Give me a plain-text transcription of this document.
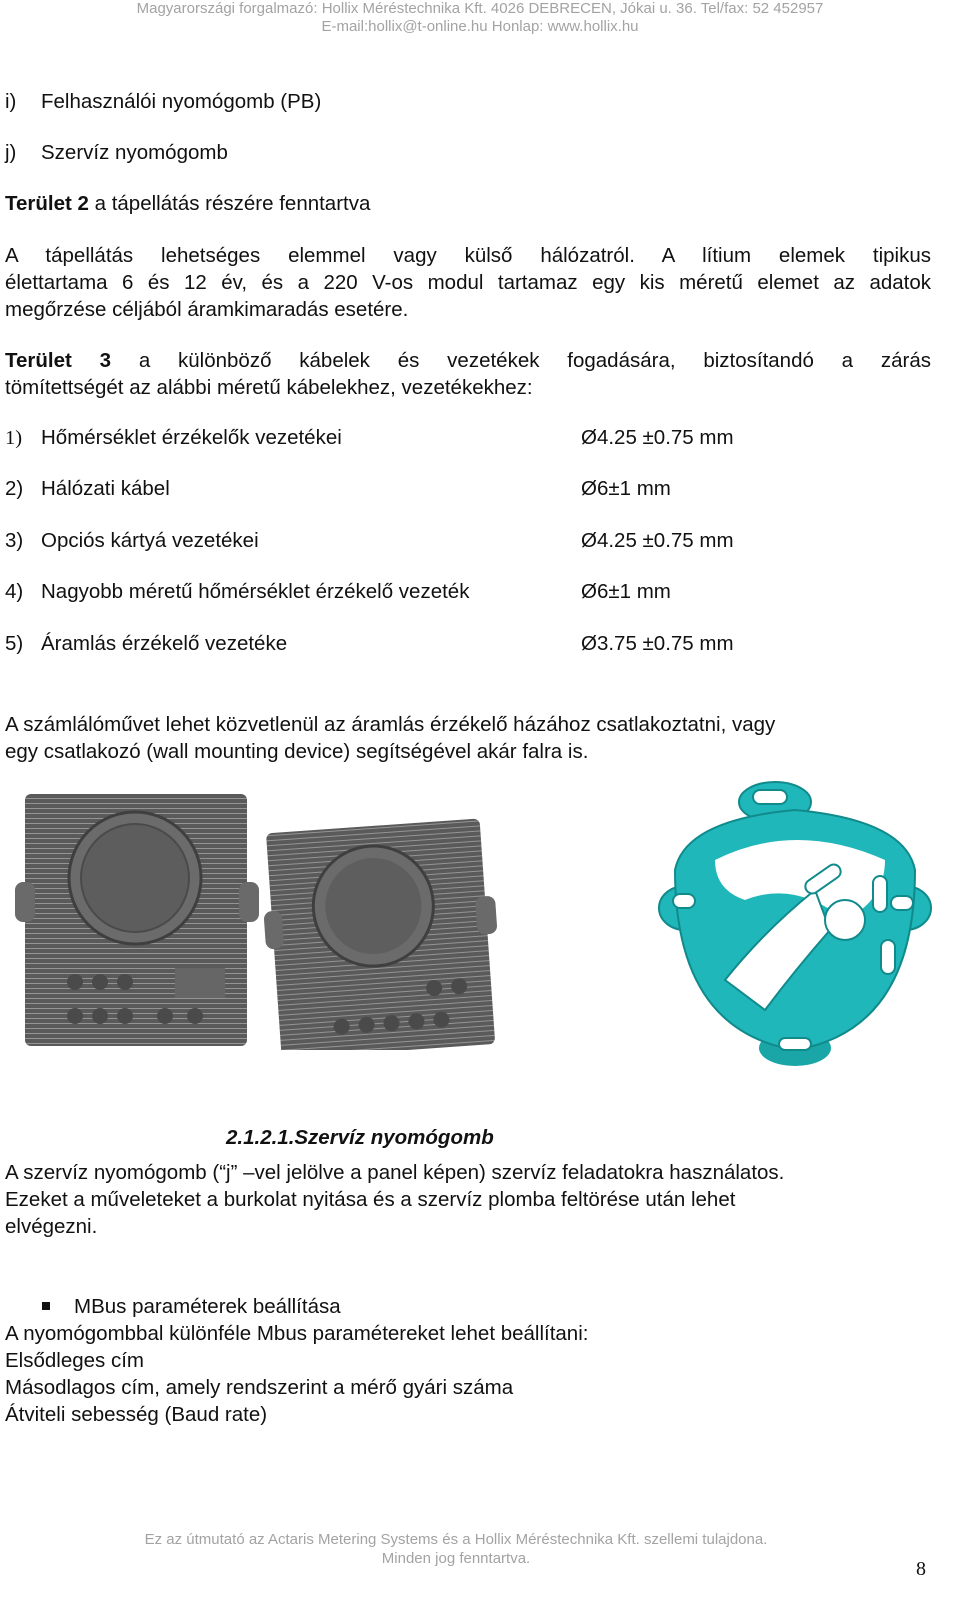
Magyarországi forgalmazó: Hollix Méréstechnika Kft. 4026 DEBRECEN, Jókai u. 36. Tel/fax: 52 452957
E-mail:hollix@t-online.hu Honlap: www.hollix.hu
i) Felhasználói nyomógomb (PB)
j) Szervíz nyomógomb
Terület 2 a tápellátás részére fenntartva
A tápellátás lehetséges elemmel vagy külső hálózatról. A lítium elemek tipikus
élettartama 6 és 12 év, és a 220 V-os modul tartamaz egy kis méretű elemet az adatok
megőrzése céljából áramkimaradás esetére.
Terület 3 a különböző kábelek és vezetékek fogadására, biztosítandó a zárás
tömítettségét az alábbi méretű kábelekhez, vezetékekhez:
1) Hőmérséklet érzékelők vezetékei	Ø4.25 ±0.75 mm
2) Hálózati kábel	Ø6±1 mm
3) Opciós kártyá vezetékei	Ø4.25 ±0.75 mm
4) Nagyobb méretű hőmérséklet érzékelő vezeték	Ø6±1 mm
5) Áramlás érzékelő vezetéke	Ø3.75 ±0.75 mm
A számlálóművet lehet közvetlenül az áramlás érzékelő házához csatlakoztatni, vagy
egy csatlakozó (wall mounting device) segítségével akár falra is.
2.1.2.1.Szervíz nyomógomb
A szervíz nyomógomb (“j” –vel jelölve a panel képen) szervíz feladatokra használatos.
Ezeket a műveleteket a burkolat nyitása és a szervíz plomba feltörése után lehet
elvégezni.
MBus paraméterek beállítása
A nyomógombbal különféle Mbus paramétereket lehet beállítani:
Elsődleges cím
Másodlagos cím, amely rendszerint a mérő gyári száma
Átviteli sebesség (Baud rate)
Ez az útmutató az Actaris Metering Systems és a Hollix Méréstechnika Kft. szellemi tulajdona.
Minden jog fenntartva.	8
